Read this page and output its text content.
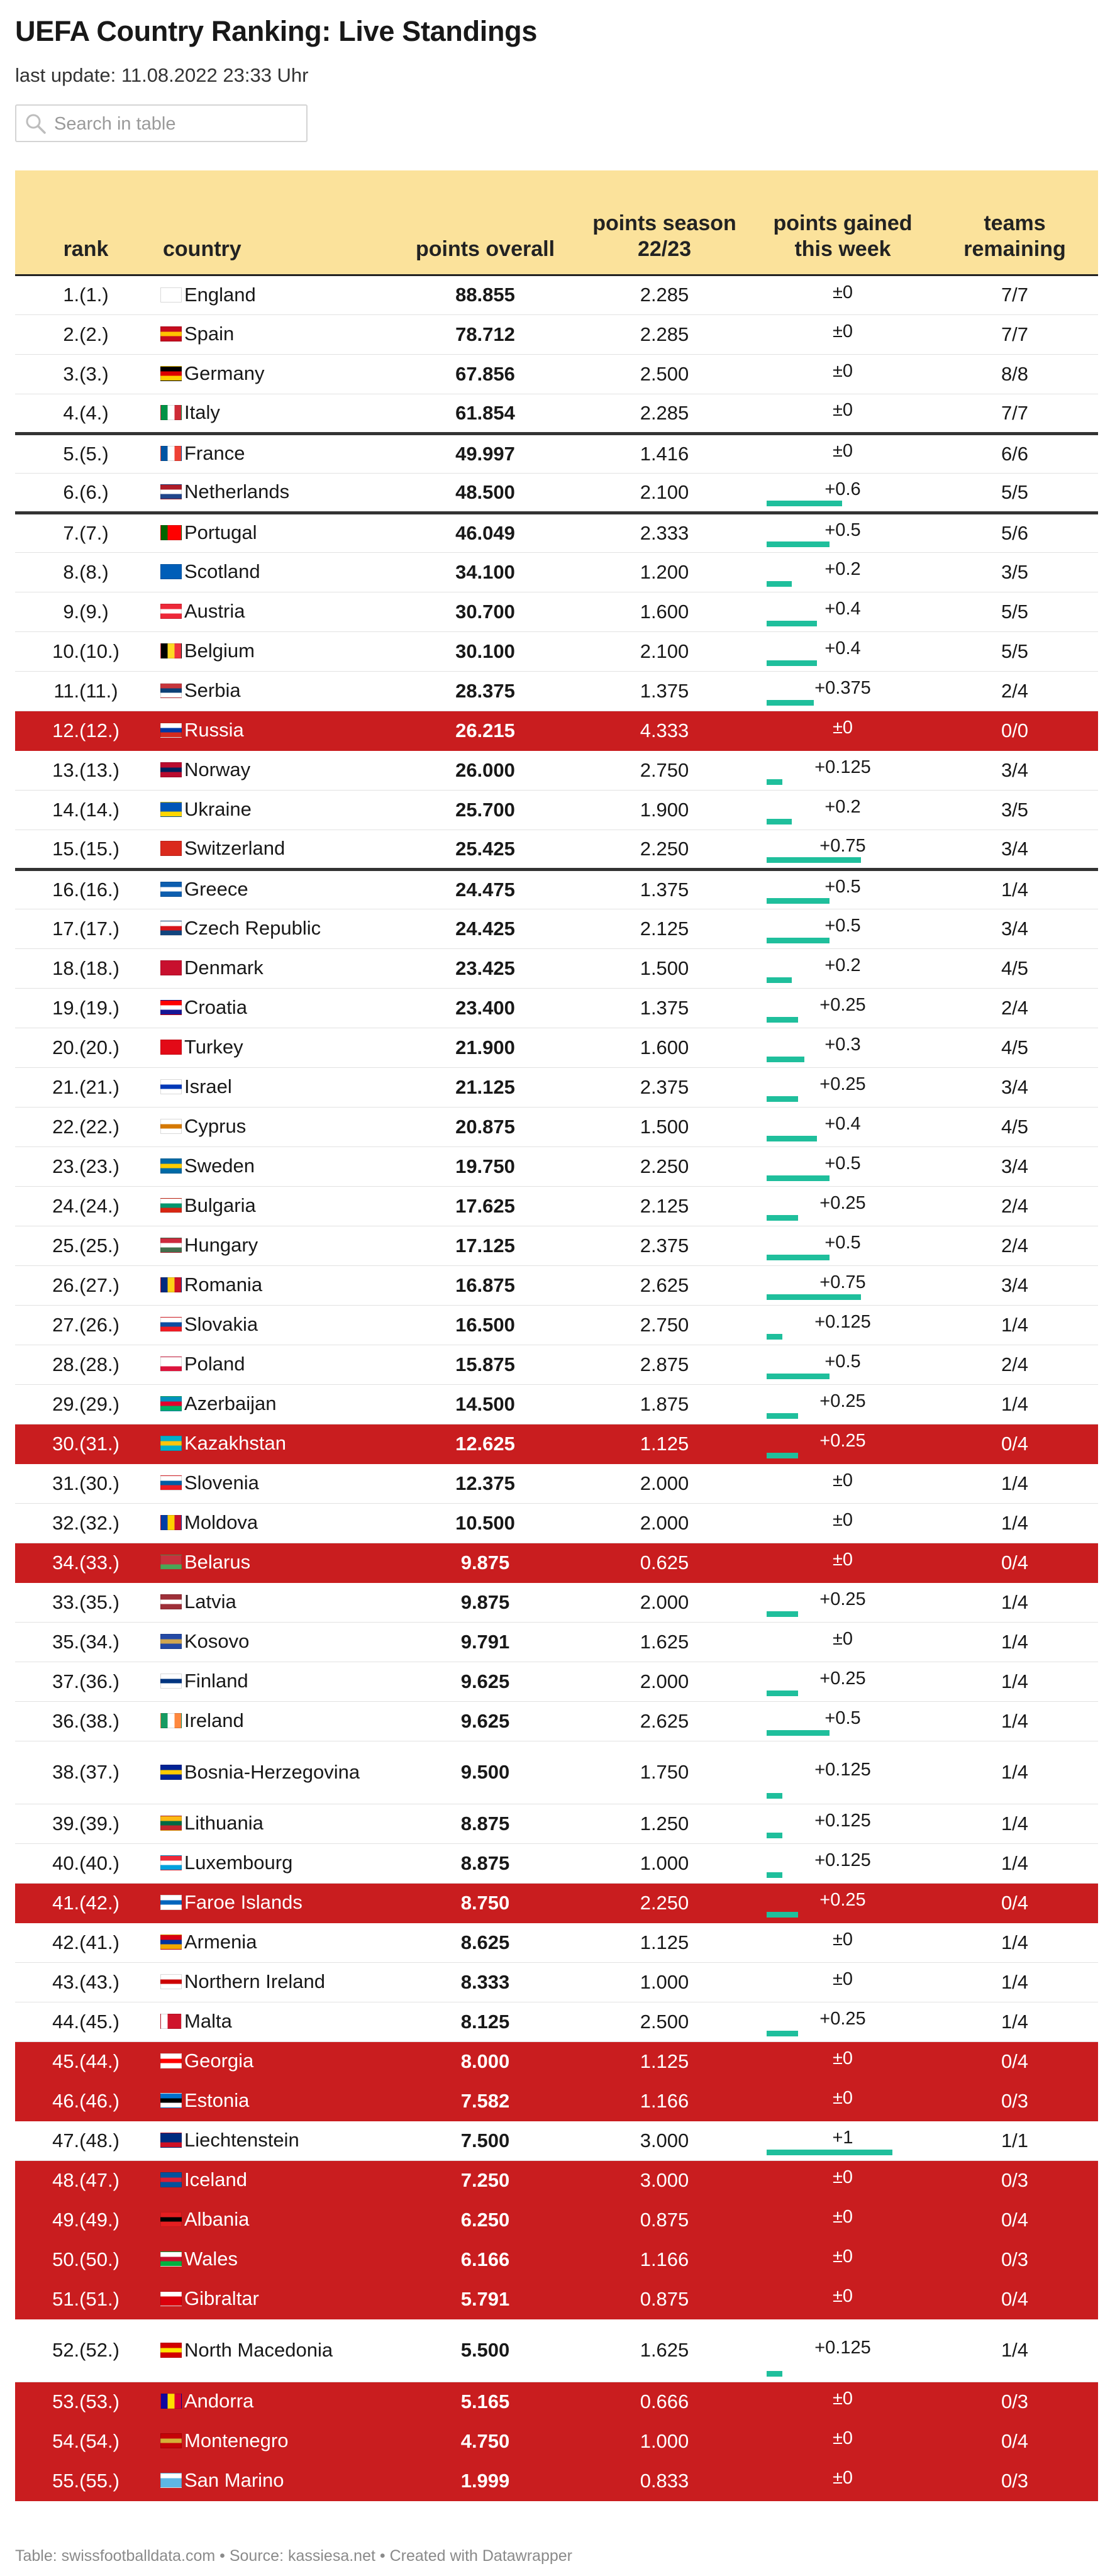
UEFA Country Ranking: Live Standings
last update: 11.08.2022 23:33 Uhr
Search in table
rank	country	points overall	points season 22/23	points gained this week	teams remaining
1.(1.)	England	88.855	2.285	±0	7/7
2.(2.)	Spain	78.712	2.285	±0	7/7
3.(3.)	Germany	67.856	2.500	±0	8/8
4.(4.)	Italy	61.854	2.285	±0	7/7
5.(5.)	France	49.997	1.416	±0	6/6
6.(6.)	Netherlands	48.500	2.100	+0.6	5/5
7.(7.)	Portugal	46.049	2.333	+0.5	5/6
8.(8.)	Scotland	34.100	1.200	+0.2	3/5
9.(9.)	Austria	30.700	1.600	+0.4	5/5
10.(10.)	Belgium	30.100	2.100	+0.4	5/5
11.(11.)	Serbia	28.375	1.375	+0.375	2/4
12.(12.)	Russia	26.215	4.333	±0	0/0
13.(13.)	Norway	26.000	2.750	+0.125	3/4
14.(14.)	Ukraine	25.700	1.900	+0.2	3/5
15.(15.)	Switzerland	25.425	2.250	+0.75	3/4
16.(16.)	Greece	24.475	1.375	+0.5	1/4
17.(17.)	Czech Republic	24.425	2.125	+0.5	3/4
18.(18.)	Denmark	23.425	1.500	+0.2	4/5
19.(19.)	Croatia	23.400	1.375	+0.25	2/4
20.(20.)	Turkey	21.900	1.600	+0.3	4/5
21.(21.)	Israel	21.125	2.375	+0.25	3/4
22.(22.)	Cyprus	20.875	1.500	+0.4	4/5
23.(23.)	Sweden	19.750	2.250	+0.5	3/4
24.(24.)	Bulgaria	17.625	2.125	+0.25	2/4
25.(25.)	Hungary	17.125	2.375	+0.5	2/4
26.(27.)	Romania	16.875	2.625	+0.75	3/4
27.(26.)	Slovakia	16.500	2.750	+0.125	1/4
28.(28.)	Poland	15.875	2.875	+0.5	2/4
29.(29.)	Azerbaijan	14.500	1.875	+0.25	1/4
30.(31.)	Kazakhstan	12.625	1.125	+0.25	0/4
31.(30.)	Slovenia	12.375	2.000	±0	1/4
32.(32.)	Moldova	10.500	2.000	±0	1/4
34.(33.)	Belarus	9.875	0.625	±0	0/4
33.(35.)	Latvia	9.875	2.000	+0.25	1/4
35.(34.)	Kosovo	9.791	1.625	±0	1/4
37.(36.)	Finland	9.625	2.000	+0.25	1/4
36.(38.)	Ireland	9.625	2.625	+0.5	1/4
38.(37.)	Bosnia-Herzegovina	9.500	1.750	+0.125	1/4
39.(39.)	Lithuania	8.875	1.250	+0.125	1/4
40.(40.)	Luxembourg	8.875	1.000	+0.125	1/4
41.(42.)	Faroe Islands	8.750	2.250	+0.25	0/4
42.(41.)	Armenia	8.625	1.125	±0	1/4
43.(43.)	Northern Ireland	8.333	1.000	±0	1/4
44.(45.)	Malta	8.125	2.500	+0.25	1/4
45.(44.)	Georgia	8.000	1.125	±0	0/4
46.(46.)	Estonia	7.582	1.166	±0	0/3
47.(48.)	Liechtenstein	7.500	3.000	+1	1/1
48.(47.)	Iceland	7.250	3.000	±0	0/3
49.(49.)	Albania	6.250	0.875	±0	0/4
50.(50.)	Wales	6.166	1.166	±0	0/3
51.(51.)	Gibraltar	5.791	0.875	±0	0/4
52.(52.)	North Macedonia	5.500	1.625	+0.125	1/4
53.(53.)	Andorra	5.165	0.666	±0	0/3
54.(54.)	Montenegro	4.750	1.000	±0	0/4
55.(55.)	San Marino	1.999	0.833	±0	0/3
Table: swissfootballdata.com • Source: kassiesa.net • Created with Datawrapper
